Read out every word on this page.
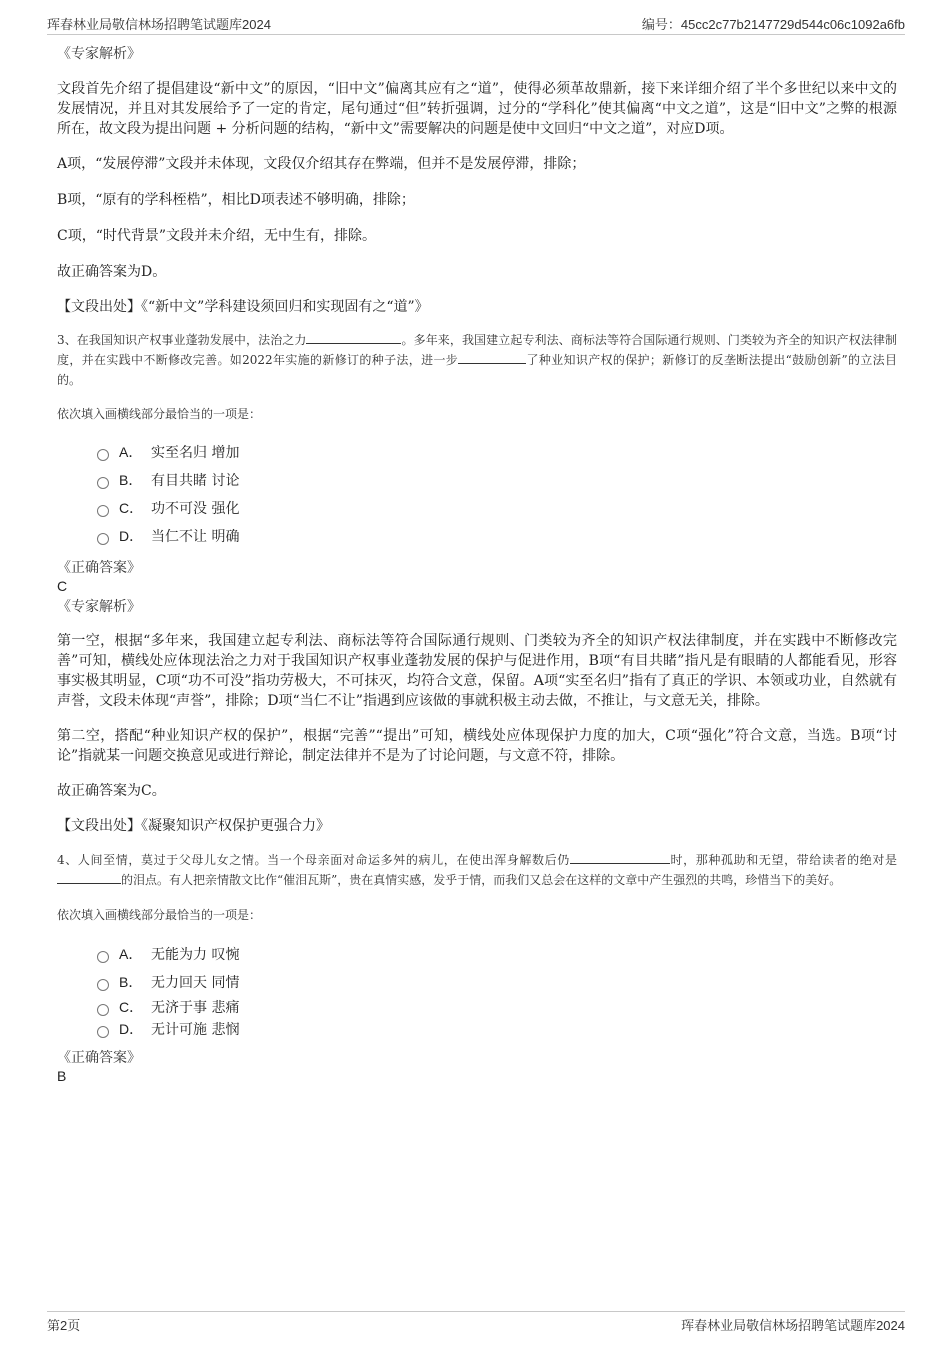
珲春林业局敬信林场招聘笔试题库2024	编号：45cc2c77b2147729d544c06c1092a6fb
《专家解析》

文段首先介绍了提倡建设“新中文”的原因，“旧中文”偏离其应有之“道”，使得必须革故鼎新，接下来详细介绍了半个多世纪以来中文的发展情况，并且对其发展给予了一定的肯定，尾句通过“但”转折强调，过分的“学科化”使其偏离“中文之道”，这是“旧中文”之弊的根源所在，故文段为提出问题 + 分析问题的结构，“新中文”需要解决的问题是使中文回归“中文之道”，对应D项。

A项，“发展停滞”文段并未体现，文段仅介绍其存在弊端，但并不是发展停滞，排除；

B项，“原有的学科桎梏”，相比D项表述不够明确，排除；

C项，“时代背景”文段并未介绍，无中生有，排除。

故正确答案为D。

【文段出处】《“新中文”学科建设须回归和实现固有之“道”》

3、在我国知识产权事业蓬勃发展中，法治之力	。多年来，我国建立起专利法、商标法等符合国际通行规则、门类较为齐全的知识产权法律制度，并在实践中不断修改完善。如2022年实施的新修订的种子法，进一步	了种业知识产权的保护；新修订的反垄断法提出“鼓励创新”的立法目的。

依次填入画横线部分最恰当的一项是：

A． 实至名归 增加
B． 有目共睹 讨论
C． 功不可没 强化
D． 当仁不让 明确
《正确答案》
C
《专家解析》

第一空，根据“多年来，我国建立起专利法、商标法等符合国际通行规则、门类较为齐全的知识产权法律制度，并在实践中不断修改完善”可知，横线处应体现法治之力对于我国知识产权事业蓬勃发展的保护与促进作用，B项“有目共睹”指凡是有眼睛的人都能看见，形容事实极其明显，C项“功不可没”指功劳极大，不可抹灭，均符合文意，保留。A项“实至名归”指有了真正的学识、本领或功业，自然就有声誉，文段未体现“声誉”，排除；D项“当仁不让”指遇到应该做的事就积极主动去做，不推让，与文意无关，排除。

第二空，搭配“种业知识产权的保护”，根据“完善”“提出”可知，横线处应体现保护力度的加大，C项“强化”符合文意，当选。B项“讨论”指就某一问题交换意见或进行辩论，制定法律并不是为了讨论问题，与文意不符，排除。

故正确答案为C。

【文段出处】《凝聚知识产权保护更强合力》

4、人间至情，莫过于父母儿女之情。当一个母亲面对命运多舛的病儿，在使出浑身解数后仍	时，那种孤助和无望，带给读者的绝对是的泪点。有人把亲情散文比作“催泪瓦斯”，贵在真情实感，发乎于情，而我们又总会在这样的文章中产生强烈的共鸣，珍惜当下的美好。

依次填入画横线部分最恰当的一项是：

A． 无能为力 叹惋
B． 无力回天 同情
C． 无济于事 悲痛
D． 无计可施 悲悯
《正确答案》
B
第2页	珲春林业局敬信林场招聘笔试题库2024
